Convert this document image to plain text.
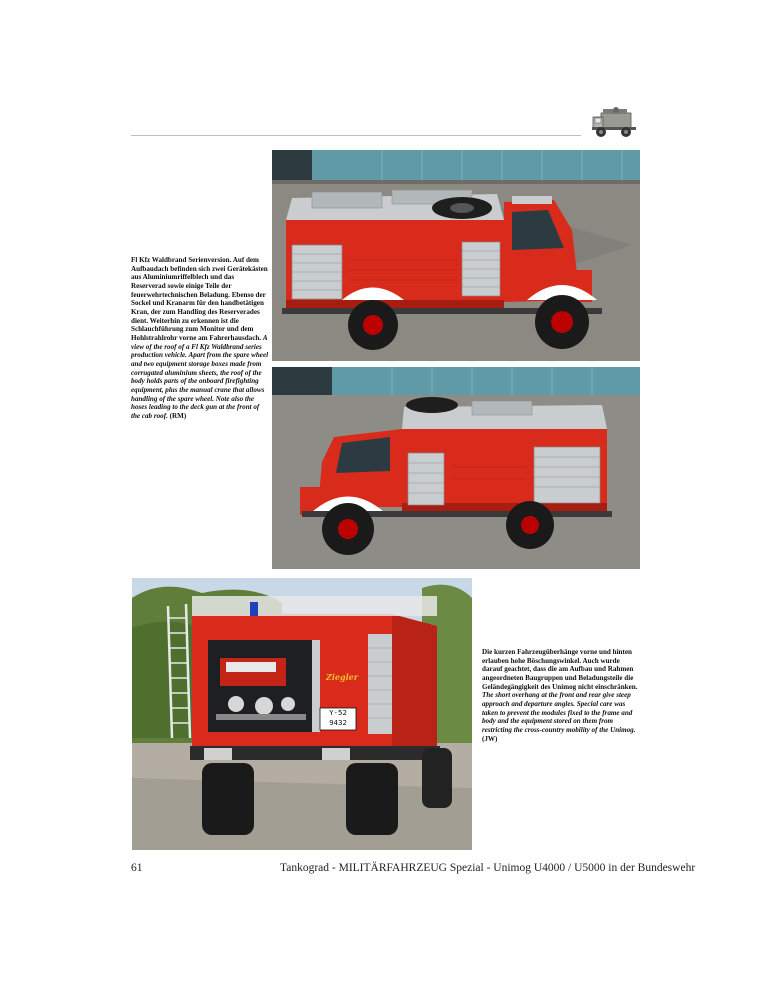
Ziegler
Y-52
9432

Fl Kfz Waldbrand Serienversion. Auf dem Aufbaudach befinden sich zwei Gerätekästen aus Aluminiumriffelblech und das Reserverad sowie einige Teile der feuerwehrtechnischen Beladung. Ebenso der Sockel und Kranarm für den handbetätigen Kran, der zum Handling des Reserverades dient. Weiterhin zu erkennen ist die Schlauchführung zum Monitor und dem Hohlstrahlrohr vorne am Fahrerhausdach. A view of the roof of a Fl Kfz Waldbrand series production vehicle. Apart from the spare wheel and two equipment storage boxes made from corrugated aluminium sheets, the roof of the body holds parts of the onboard firefighting equipment, plus the manual crane that allows handling of the spare wheel. Note also the hoses leading to the deck gun at the front of the cab roof. (RM)

Die kurzen Fahrzeugüberhänge vorne und hinten erlauben hohe Böschungswinkel. Auch wurde darauf geachtet, dass die am Aufbau und Rahmen angeordneten Baugruppen und Beladungsteile die Geländegängigkeit des Unimog nicht einschränken. The short overhang at the front and rear give steep approach and departure angles. Special care was taken to prevent the modules fixed to the frame and body and the equipment stored on them from restricting the cross-country mobility of the Unimog. (JW)

61	Tankograd - MILITÄRFAHRZEUG Spezial - Unimog U4000 / U5000 in der Bundeswehr
